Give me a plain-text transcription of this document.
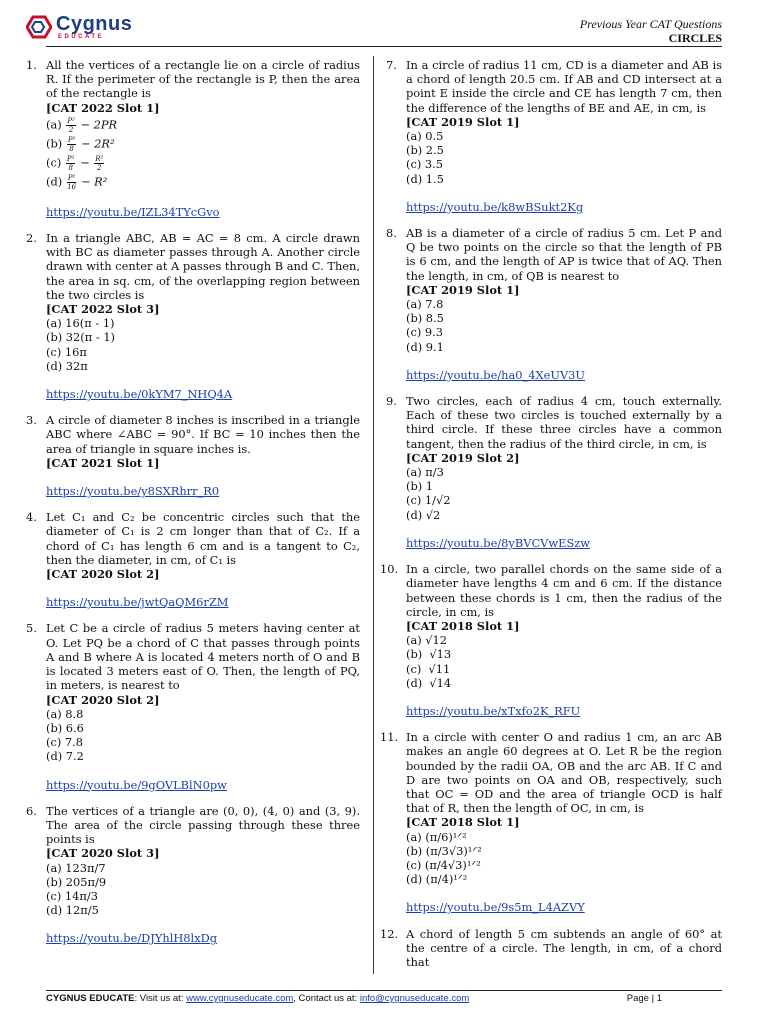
Cygnus
EDUCATE
Previous Year CAT Questions
CIRCLES
1. All the vertices of a rectangle lie on a circle of radius R. If the perimeter of the rectangle is P, then the area of the rectangle is
[CAT 2022 Slot 1]
$(a) \frac{\text{P²}}{2} - 2PR$
$(b) \frac{\text{P²}}{8} - 2R^2$
$(c) \frac{\text{P²}}{8} - \frac{\text{R²}}{2}$
$(d) \frac{\text{P²}}{16} - R^2$
https://youtu.be/IZL34TYcGvo
2. In a triangle ABC, AB = AC = 8 cm. A circle drawn with BC as diameter passes through A. Another circle drawn with center at A passes through B and C. Then, the area in sq. cm, of the overlapping region between the two circles is
[CAT 2022 Slot 3]
(a) 16(π - 1)
(b) 32(π - 1)
(c) 16π
(d) 32π
https://youtu.be/0kYM7_NHQ4A
3. A circle of diameter 8 inches is inscribed in a triangle ABC where ∠ABC = 90°. If BC = 10 inches then the area of triangle in square inches is.
[CAT 2021 Slot 1]
https://youtu.be/y8SXRhrr_R0
4. Let C₁ and C₂ be concentric circles such that the diameter of C₁ is 2 cm longer than that of C₂. If a chord of C₁ has length 6 cm and is a tangent to C₂, then the diameter, in cm, of C₁ is
[CAT 2020 Slot 2]
https://youtu.be/jwtQaQM6rZM
5. Let C be a circle of radius 5 meters having center at O. Let PQ be a chord of C that passes through points A and B where A is located 4 meters north of O and B is located 3 meters east of O. Then, the length of PQ, in meters, is nearest to
[CAT 2020 Slot 2]
(a) 8.8
(b) 6.6
(c) 7.8
(d) 7.2
https://youtu.be/9gOVLBlN0pw
6. The vertices of a triangle are (0, 0), (4, 0) and (3, 9). The area of the circle passing through these three points is
[CAT 2020 Slot 3]
(a) 123π/7
(b) 205π/9
(c) 14π/3
(d) 12π/5
https://youtu.be/DJYhlH8lxDg
7. In a circle of radius 11 cm, CD is a diameter and AB is a chord of length 20.5 cm. If AB and CD intersect at a point E inside the circle and CE has length 7 cm, then the difference of the lengths of BE and AE, in cm, is
[CAT 2019 Slot 1]
(a) 0.5
(b) 2.5
(c) 3.5
(d) 1.5
https://youtu.be/k8wBSukt2Kg
8. AB is a diameter of a circle of radius 5 cm. Let P and Q be two points on the circle so that the length of PB is 6 cm, and the length of AP is twice that of AQ. Then the length, in cm, of QB is nearest to
[CAT 2019 Slot 1]
(a) 7.8
(b) 8.5
(c) 9.3
(d) 9.1
https://youtu.be/ha0_4XeUV3U
9. Two circles, each of radius 4 cm, touch externally. Each of these two circles is touched externally by a third circle. If these three circles have a common tangent, then the radius of the third circle, in cm, is
[CAT 2019 Slot 2]
(a) π/3
(b) 1
(c) 1/√2
(d) √2
https://youtu.be/8yBVCVwESzw
10. In a circle, two parallel chords on the same side of a diameter have lengths 4 cm and 6 cm. If the distance between these chords is 1 cm, then the radius of the circle, in cm, is
[CAT 2018 Slot 1]
(a) √12
(b)  √13
(c)  √11
(d)  √14
https://youtu.be/xTxfo2K_RFU
11. In a circle with center O and radius 1 cm, an arc AB makes an angle 60 degrees at O. Let R be the region bounded by the radii OA, OB and the arc AB. If C and D are two points on OA and OB, respectively, such that OC = OD and the area of triangle OCD is half that of R, then the length of OC, in cm, is
[CAT 2018 Slot 1]
(a) (π/6)¹ᐟ²
(b) (π/3√3)¹ᐟ²
(c) (π/4√3)¹ᐟ²
(d) (π/4)¹ᐟ²
https://youtu.be/9s5m_L4AZVY
12. A chord of length 5 cm subtends an angle of 60° at the centre of a circle. The length, in cm, of a chord that
CYGNUS EDUCATE: Visit us at: www.cygnuseducate.com, Contact us at: info@cygnuseducate.com	Page | 1
